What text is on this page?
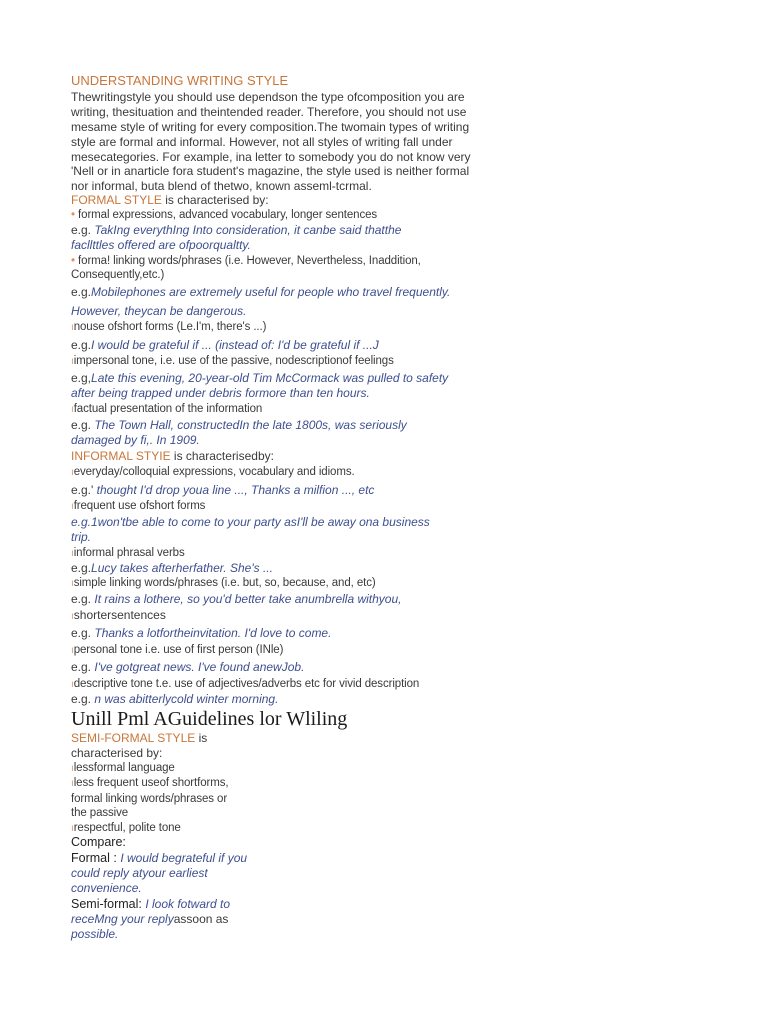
UNDERSTANDING WRITING STYLE
Thewritingstyle you should use dependson the type ofcomposition you are
writing, thesituation and theintended reader. Therefore, you should not use
mesame style of writing for every composition.The twomain types of writing
style are formal and informal. However, not all styles of writing fall under
mesecategories. For example, ina letter to somebody you do not know very
'Nell or in anarticle fora student's magazine, the style used is neither formal
nor informal, buta blend of thetwo, known asseml-tcrmal.
FORMAL STYLE is characterised by:
• formal expressions, advanced vocabulary, longer sentences
e.g. TakIng everythIng Into consideration, it canbe said thatthe
facllttles offered are ofpoorqualtty.
• forma! linking words/phrases (i.e. However, Nevertheless, Inaddition,
Consequently,etc.)
e.g.Mobilephones are extremely useful for people who travel frequently.
However, theycan be dangerous.
ınouse ofshort forms (Le.I'm, there's ...)
e.g.I would be grateful if ... (instead of: I'd be grateful if ...J
ıimpersonal tone, i.e. use of the passive, nodescriptionof feelings
e.g,Late this evening, 20-year-old Tim McCormack was pulled to safety
after being trapped under debris formore than ten hours.
ıfactual presentation of the information
e.g. The Town Hall, constructedIn the late 1800s, was seriously
damaged by fi,. In 1909.
INFORMAL STYIE is characterisedby:
ıeveryday/colloquial expressions, vocabulary and idioms.
e.g.' thought I'd drop youa line ..., Thanks a milfion ..., etc
ıfrequent use ofshort forms
e.g.1won'tbe able to come to your party asI'll be away ona business
trip.
ıinformal phrasal verbs
e.g.Lucy takes afterherfather. She's ...
ısimple linking words/phrases (i.e. but, so, because, and, etc)
e.g. It rains a lothere, so you'd better take anumbrella withyou,
ıshortersentences
e.g. Thanks a lotfortheinvitation. I'd love to come.
ıpersonal tone i.e. use of first person (INle)
e.g. I've gotgreat news. I've found anewJob.
ıdescriptive tone t.e. use of adjectives/adverbs etc for vivid description
e.g. n was abitterlycold winter morning.
Unill Pml AGuidelines lor Wliling
SEMI-FORMAL STYLE is
characterised by:
ılessformal language
ıless frequent useof shortforms,
formal linking words/phrases or
the passive
ırespectful, polite tone
Compare:
Formal : I would begrateful if you
could reply atyour earliest
convenience.
Semi-formal: I look fotward to
receMng your replyassoon as
possible.
